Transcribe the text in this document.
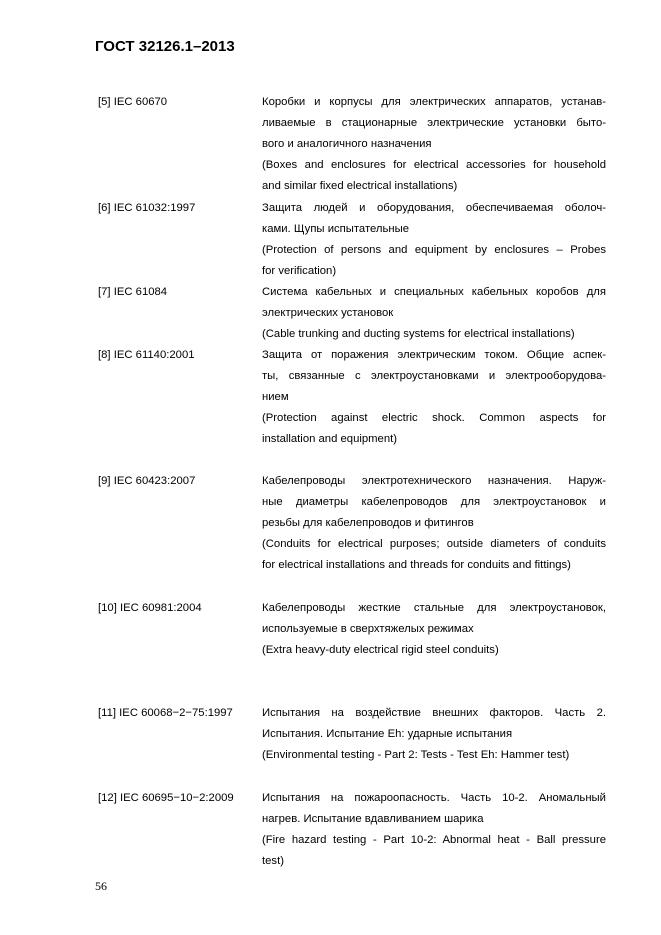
ГОСТ 32126.1–2013
[5] IEC 60670	Коробки и корпусы для электрических аппаратов, устанав-
ливаемые в стационарные электрические установки быто-
вого и аналогичного назначения
(Boxes and enclosures for electrical accessories for household
and similar fixed electrical installations)
[6] IEC 61032:1997	Защита людей и оборудования, обеспечиваемая оболоч-
ками. Щупы испытательные
(Protection of persons and equipment by enclosures – Probes
for verification)
[7] IEC 61084	Система кабельных и специальных кабельных коробов для
электрических установок
(Cable trunking and ducting systems for electrical installations)
[8] IEC 61140:2001	Защита от поражения электрическим током. Общие аспек-
ты, связанные с электроустановками и электрооборудова-
нием
(Protection against electric shock. Common aspects for
installation and equipment)
[9] IEC 60423:2007	Кабелепроводы электротехнического назначения. Наруж-
ные диаметры кабелепроводов для электроустановок и
резьбы для кабелепроводов и фитингов
(Conduits for electrical purposes; outside diameters of conduits
for electrical installations and threads for conduits and fittings)
[10] IEC 60981:2004	Кабелепроводы жесткие стальные для электроустановок,
используемые в сверхтяжелых режимах
(Extra heavy-duty electrical rigid steel conduits)
[11] IEC 60068−2−75:1997	Испытания на воздействие внешних факторов. Часть 2.
Испытания. Испытание Eh: ударные испытания
(Environmental testing - Part 2: Tests - Test Eh: Hammer test)
[12] IEC 60695−10−2:2009	Испытания на пожароопасность. Часть 10-2. Аномальный
нагрев. Испытание вдавливанием шарика
(Fire hazard testing - Part 10-2: Abnormal heat - Ball pressure
test)
56
